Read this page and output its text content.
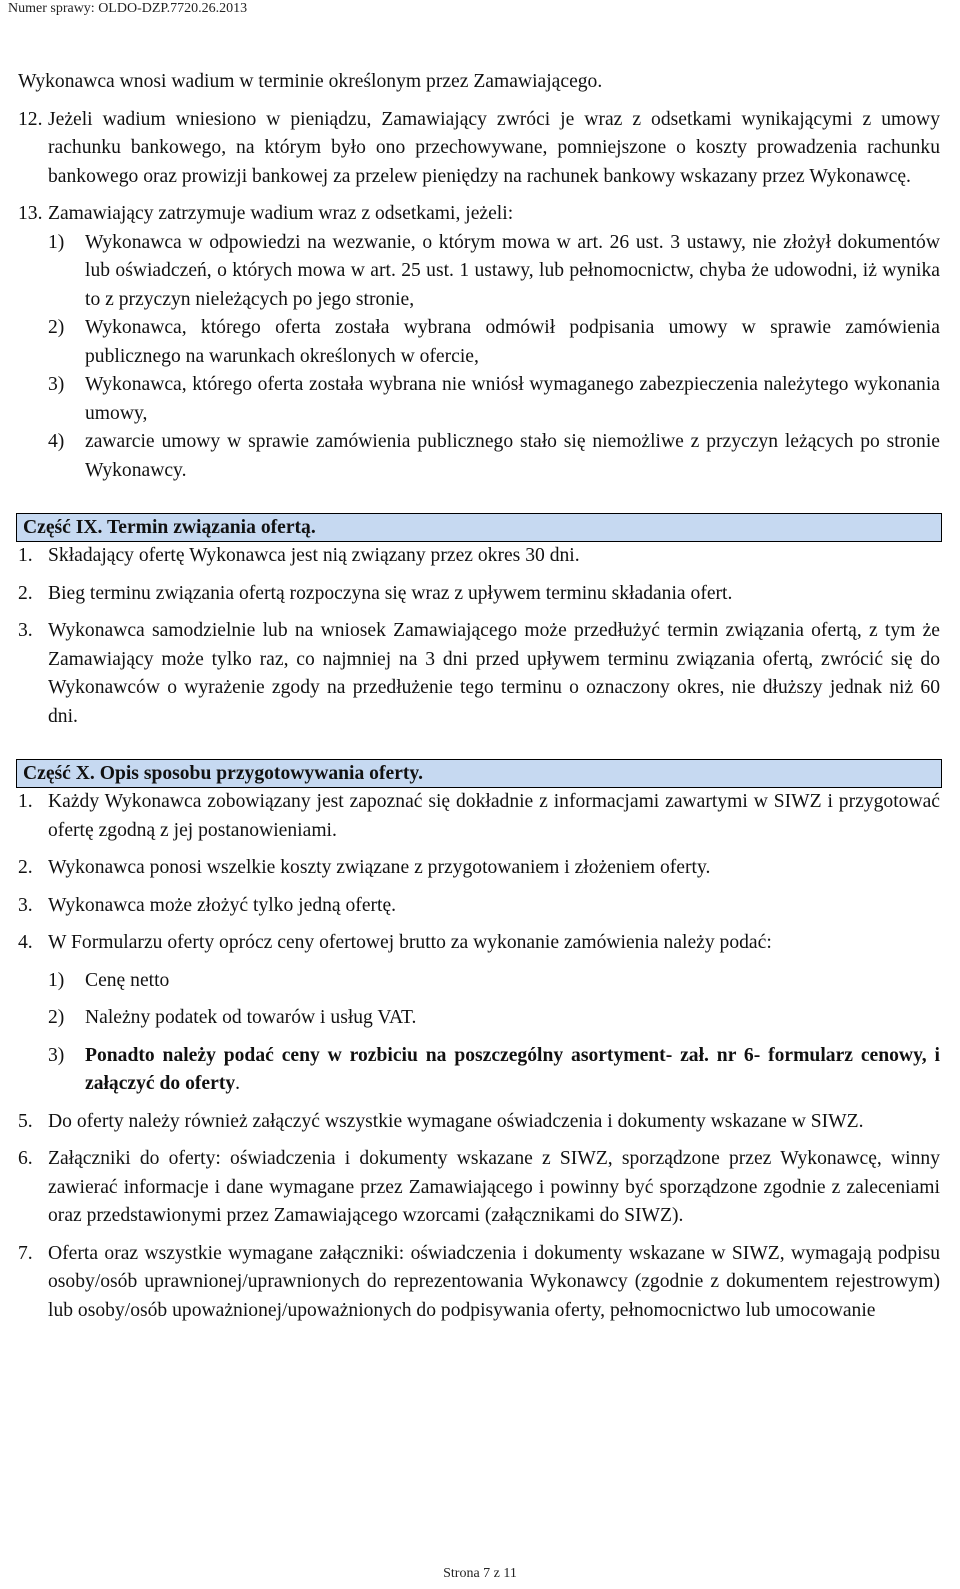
Numer sprawy: OLDO-DZP.7720.26.2013

Wykonawca wnosi wadium w terminie określonym przez Zamawiającego.

12. Jeżeli wadium wniesiono w pieniądzu, Zamawiający zwróci je wraz z odsetkami wynikającymi z umowy rachunku bankowego, na którym było ono przechowywane, pomniejszone o koszty prowadzenia rachunku bankowego oraz prowizji bankowej za przelew pieniędzy na rachunek bankowy wskazany przez Wykonawcę.
13. Zamawiający zatrzymuje wadium wraz z odsetkami, jeżeli:
1) Wykonawca w odpowiedzi na wezwanie, o którym mowa w art. 26 ust. 3 ustawy, nie złożył dokumentów lub oświadczeń, o których mowa w art. 25 ust. 1 ustawy, lub pełnomocnictw, chyba że udowodni, iż wynika to z przyczyn nieleżących po jego stronie,
2) Wykonawca, którego oferta została wybrana odmówił podpisania umowy w sprawie zamówienia publicznego na warunkach określonych w ofercie,
3) Wykonawca, którego oferta została wybrana nie wniósł wymaganego zabezpieczenia należytego wykonania umowy,
4) zawarcie umowy w sprawie zamówienia publicznego stało się niemożliwe z przyczyn leżących po stronie Wykonawcy.
Część IX. Termin związania ofertą.
1. Składający ofertę Wykonawca jest nią związany przez okres 30 dni.
2. Bieg terminu związania ofertą rozpoczyna się wraz z upływem terminu składania ofert.
3. Wykonawca samodzielnie lub na wniosek Zamawiającego może przedłużyć termin związania ofertą, z tym że Zamawiający może tylko raz, co najmniej na 3 dni przed upływem terminu związania ofertą, zwrócić się do Wykonawców o wyrażenie zgody na przedłużenie tego terminu o oznaczony okres, nie dłuższy jednak niż 60 dni.
Część X. Opis sposobu przygotowywania oferty.
1. Każdy Wykonawca zobowiązany jest zapoznać się dokładnie z informacjami zawartymi w SIWZ i przygotować ofertę zgodną z jej postanowieniami.
2. Wykonawca ponosi wszelkie koszty związane z przygotowaniem i złożeniem oferty.
3. Wykonawca może złożyć tylko jedną ofertę.
4. W Formularzu oferty oprócz ceny ofertowej brutto za wykonanie zamówienia należy podać:
1) Cenę netto
2) Należny podatek od towarów i usług VAT.
3) Ponadto należy podać ceny w rozbiciu na poszczególny asortyment- zał. nr 6- formularz cenowy, i załączyć do oferty.
5. Do oferty należy również załączyć wszystkie wymagane oświadczenia i dokumenty wskazane w SIWZ.
6. Załączniki do oferty: oświadczenia i dokumenty wskazane z SIWZ, sporządzone przez Wykonawcę, winny zawierać informacje i dane wymagane przez Zamawiającego i powinny być sporządzone zgodnie z zaleceniami oraz przedstawionymi przez Zamawiającego wzorcami (załącznikami do SIWZ).
7. Oferta oraz wszystkie wymagane załączniki: oświadczenia i dokumenty wskazane w SIWZ, wymagają podpisu osoby/osób uprawnionej/uprawnionych do reprezentowania Wykonawcy (zgodnie z dokumentem rejestrowym) lub osoby/osób upoważnionej/upoważnionych do podpisywania oferty, pełnomocnictwo lub umocowanie
Strona 7 z 11
